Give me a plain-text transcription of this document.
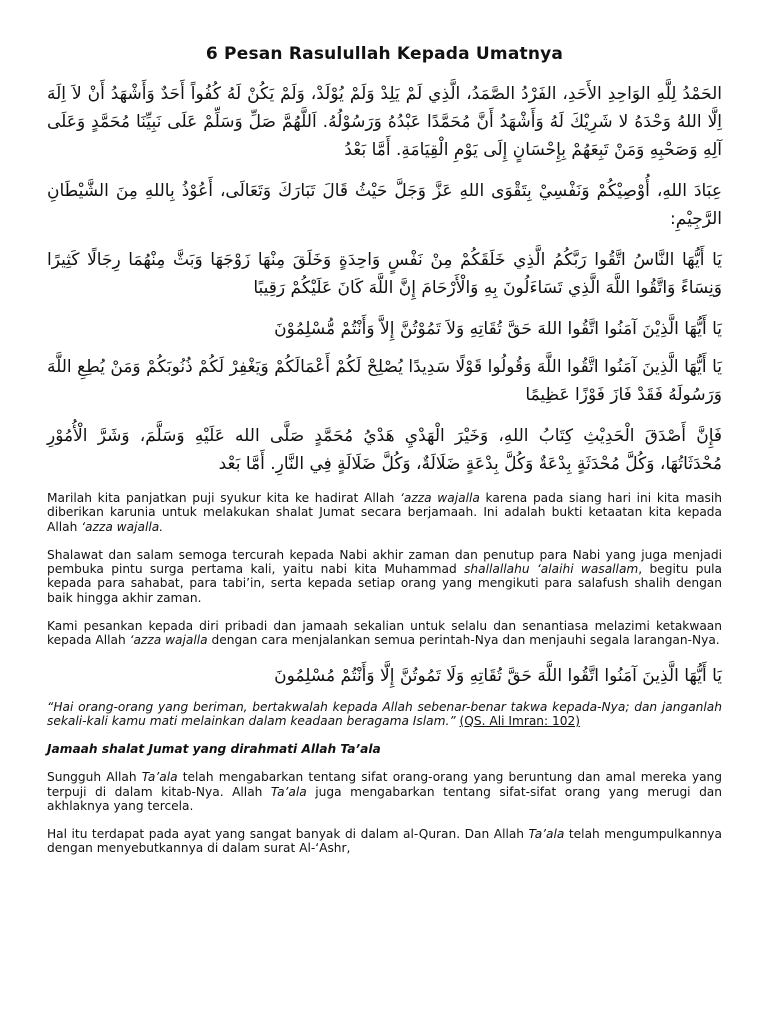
6 Pesan Rasulullah Kepada Umatnya

الحَمْدُ لِلَّهِ الوَاحِدِ الأَحَدِ، الفَرْدُ الصَّمَدُ، الَّذِي لَمْ يَلِدْ وَلَمْ يُوْلَدْ، وَلَمْ يَكُنْ لَهُ كُفُواً أَحَدٌ وَأَشْهَدُ أَنْ لاَ اِلَهَ اِلَّا اللهُ وَحْدَهُ لا شَرِيْكَ لَهُ وَأَشْهَدُ أَنَّ مُحَمَّدًا عَبْدُهُ وَرَسُوْلُهُ. اَللَّهُمَّ صَلِّ وَسَلِّمْ عَلَى نَبِيِّنَا مُحَمَّدٍ وَعَلَى آلِهِ وَصَحْبِهِ وَمَنْ تَبِعَهُمْ بِإِحْسَانٍ إِلَى يَوْمِ الْقِيَامَةِ. أَمَّا بَعْدُ

عِبَادَ اللهِ، أُوْصِيْكُمْ وَنَفْسِيْ بِتَقْوَى اللهِ عَزَّ وَجَلَّ حَيْثُ قَالَ تَبَارَكَ وَتَعَالَى، أَعُوْذُ بِاللهِ مِنَ الشَّيْطَانِ الرَّجِيْمِ:

يَا أَيُّهَا النَّاسُ اتَّقُوا رَبَّكُمُ الَّذِي خَلَقَكُمْ مِنْ نَفْسٍ وَاحِدَةٍ وَخَلَقَ مِنْهَا زَوْجَهَا وَبَثَّ مِنْهُمَا رِجَالًا كَثِيرًا وَنِسَاءً وَاتَّقُوا اللَّهَ الَّذِي تَسَاءَلُونَ بِهِ وَالْأَرْحَامَ إِنَّ اللَّهَ كَانَ عَلَيْكُمْ رَقِيبًا

يَا أَيُّهَا الَّذِيْنَ آمَنُوا اتَّقُوا اللهَ حَقَّ تُقَاتِهِ وَلاَ تَمُوْتُنَّ إِلاَّ وَأَنْتُمْ مُّسْلِمُوْنَ

يَا أَيُّهَا الَّذِينَ آمَنُوا اتَّقُوا اللَّهَ وَقُولُوا قَوْلًا سَدِيدًا يُصْلِحْ لَكُمْ أَعْمَالَكُمْ وَيَغْفِرْ لَكُمْ ذُنُوبَكُمْ وَمَنْ يُطِعِ اللَّهَ وَرَسُولَهُ فَقَدْ فَازَ فَوْزًا عَظِيمًا

فَإِنَّ أَصْدَقَ الْحَدِيْثِ كِتَابُ اللهِ، وَخَيْرَ الْهَدْيِ هَدْيُ مُحَمَّدٍ صَلَّى الله عَلَيْهِ وَسَلَّمَ، وَشَرَّ الْأُمُوْرِ مُحْدَثَاتُهَا، وَكُلَّ مُحْدَثَةٍ بِدْعَةٌ وَكُلَّ بِدْعَةٍ ضَلَالَةٌ، وَكُلَّ ضَلَالَةٍ فِي النَّارِ. أَمَّا بَعْد

Marilah kita panjatkan puji syukur kita ke hadirat Allah ‘azza wajalla karena pada siang hari ini kita masih diberikan karunia untuk melakukan shalat Jumat secara berjamaah. Ini adalah bukti ketaatan kita kepada Allah ‘azza wajalla.

Shalawat dan salam semoga tercurah kepada Nabi akhir zaman dan penutup para Nabi yang juga menjadi pembuka pintu surga pertama kali, yaitu nabi kita Muhammad shallallahu ‘alaihi wasallam, begitu pula kepada para sahabat, para tabi’in, serta kepada setiap orang yang mengikuti para salafush shalih dengan baik hingga akhir zaman.

Kami pesankan kepada diri pribadi dan jamaah sekalian untuk selalu dan senantiasa melazimi ketakwaan kepada Allah ‘azza wajalla dengan cara menjalankan semua perintah-Nya dan menjauhi segala larangan-Nya.

يَا أَيُّهَا الَّذِينَ آمَنُوا اتَّقُوا اللَّهَ حَقَّ تُقَاتِهِ وَلَا تَمُوتُنَّ إِلَّا وَأَنْتُمْ مُسْلِمُونَ

“Hai orang-orang yang beriman, bertakwalah kepada Allah sebenar-benar takwa kepada-Nya; dan janganlah sekali-kali kamu mati melainkan dalam keadaan beragama Islam.” (QS. Ali Imran: 102)

Jamaah shalat Jumat yang dirahmati Allah Ta’ala

Sungguh Allah Ta’ala telah mengabarkan tentang sifat orang-orang yang beruntung dan amal mereka yang terpuji di dalam kitab-Nya. Allah Ta’ala juga mengabarkan tentang sifat-sifat orang yang merugi dan akhlaknya yang tercela.

Hal itu terdapat pada ayat yang sangat banyak di dalam al-Quran. Dan Allah Ta’ala telah mengumpulkannya dengan menyebutkannya di dalam surat Al-‘Ashr,
